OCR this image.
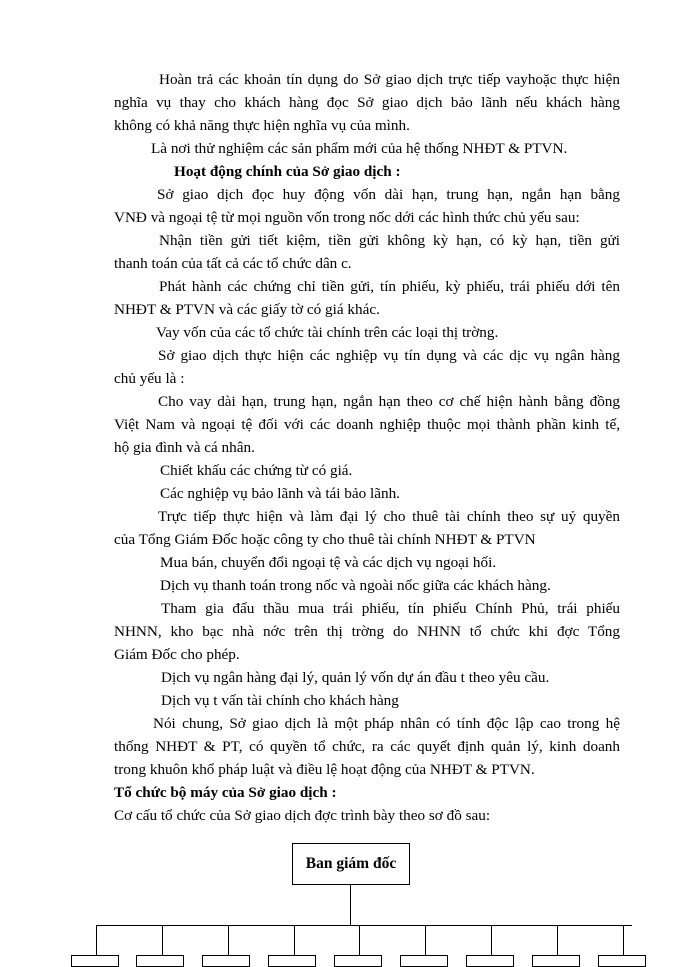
Hoàn trả các khoản tín dụng do Sở giao dịch trực tiếp vayhoặc thực hiện
nghĩa vụ thay cho khách hàng đọc Sở giao dịch bảo lãnh nếu khách hàng
không có khả năng thực hiện nghĩa vụ của mình.
Là nơi thử nghiệm các sản phẩm mới của hệ thống NHĐT & PTVN.
Hoạt động chính của Sở giao dịch :
Sở giao dịch đọc huy động vốn dài hạn, trung hạn, ngắn hạn bằng
VNĐ và ngoại tệ từ mọi nguồn vốn trong nốc dới các hình thức chủ yếu sau:
Nhận tiền gửi tiết kiệm, tiền gửi không kỳ hạn, có kỳ hạn, tiền gửi
thanh toán của tất cả các tổ chức dân c.
Phát hành các chứng chỉ tiền gửi, tín phiếu, kỳ phiếu, trái phiếu dới tên
NHĐT & PTVN và các giấy tờ có giá khác.
Vay vốn của các tổ chức tài chính trên các loại thị trờng.
Sở giao dịch thực hiện các nghiệp vụ tín dụng và các dịc vụ ngân hàng
chủ yếu là :
Cho vay dài hạn, trung hạn, ngắn hạn theo cơ chế hiện hành bằng đồng
Việt Nam và ngoại tệ đối với các doanh nghiệp thuộc mọi thành phần kinh tế,
hộ gia đình và cá nhân.
Chiết khấu các chứng từ có giá.
Các nghiệp vụ bảo lãnh và tái bảo lãnh.
Trực tiếp thực hiện và làm đại lý cho thuê tài chính theo sự uỷ quyền
của Tổng Giám Đốc hoặc công ty cho thuê tài chính NHĐT & PTVN
Mua bán, chuyển đổi ngoại tệ và các dịch vụ ngoại hối.
Dịch vụ thanh toán trong nốc và ngoài nốc giữa các khách hàng.
Tham gia đấu thầu mua trái phiếu, tín phiếu Chính Phủ, trái phiếu
NHNN, kho bạc nhà nớc trên thị trờng do NHNN tổ chức khi đợc Tổng
Giám Đốc cho phép.
Dịch vụ ngân hàng đại lý, quản lý vốn dự án đầu t theo yêu cầu.
Dịch vụ t vấn tài chính cho khách hàng
Nói chung, Sở giao dịch là một pháp nhân có tính độc lập cao trong hệ
thống NHĐT & PT, có quyền tổ chức, ra các quyết định quản lý, kinh doanh
trong khuôn khổ pháp luật và điều lệ hoạt động của NHĐT & PTVN.
Tổ chức bộ máy của Sở giao dịch :
Cơ cấu tổ chức của Sở giao dịch đợc trình bày theo sơ đồ sau:
Ban giám đốc
